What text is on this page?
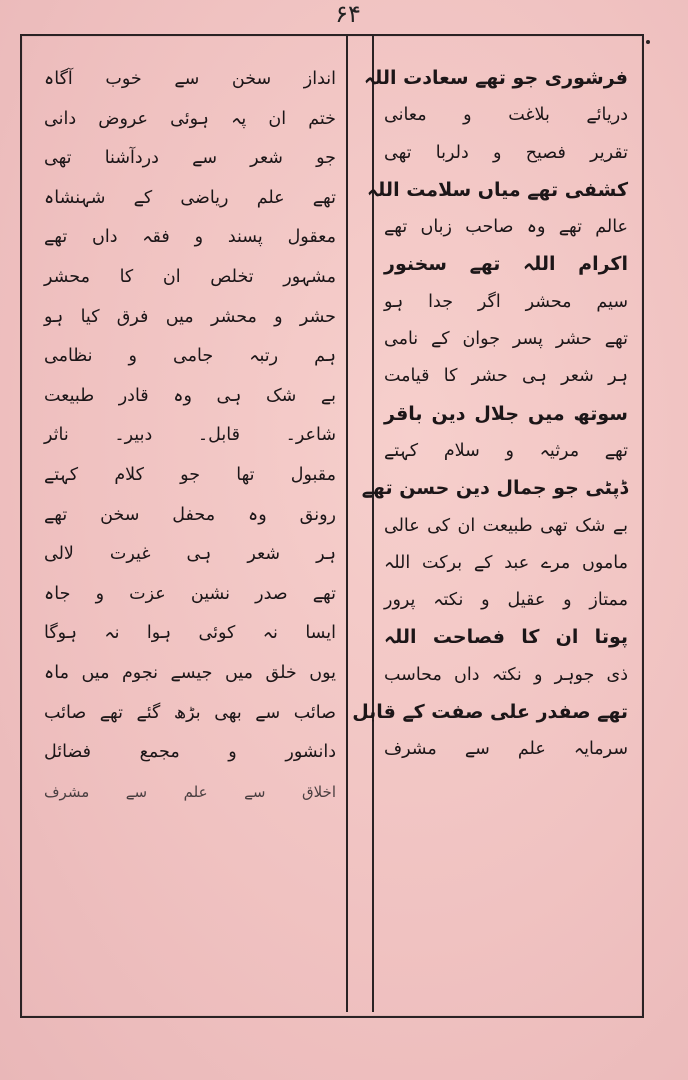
۶۴
فرشوری جو تھے سعادت اللہ
دریائے بلاغت و معانی
تقریر فصیح و دلربا تھی
کشفی تھے میاں سلامت اللہ
عالم تھے وہ صاحب زباں تھے
اکرام اللہ تھے سخنور
سیم محشر اگر جدا ہو
تھے حشر پسر جوان کے نامی
ہر شعر ہی حشر کا قیامت
سوتھ میں جلال دین باقر
تھے مرثیہ و سلام کہتے
ڈپٹی جو جمال دین حسن تھے
بے شک تھی طبیعت ان کی عالی
ماموں مرے عبد کے برکت اللہ
ممتاز و عقیل و نکتہ پرور
پوتا ان کا فصاحت اللہ
ذی جوہر و نکتہ داں محاسب
تھے صفدر علی صفت کے قابل
سرمایہ علم سے مشرف
انداز سخن سے خوب آگاہ
ختم ان پہ ہوئی عروض دانی
جو شعر سے دردآشنا تھی
تھے علم ریاضی کے شہنشاہ
معقول پسند و فقہ داں تھے
مشہور تخلص ان کا محشر
حشر و محشر میں فرق کیا ہو
ہم رتبہ جامی و نظامی
بے شک ہی وہ قادر طبیعت
شاعر۔ قابل۔ دبیر۔ ناثر
مقبول تھا جو کلام کہتے
رونق وہ محفل سخن تھے
ہر شعر ہی غیرت لالی
تھے صدر نشین عزت و جاہ
ایسا نہ کوئی ہوا نہ ہوگا
یوں خلق میں جیسے نجوم میں ماہ
صائب سے بھی بڑھ گئے تھے صائب
دانشور و مجمع فضائل
اخلاق سے علم سے مشرف
